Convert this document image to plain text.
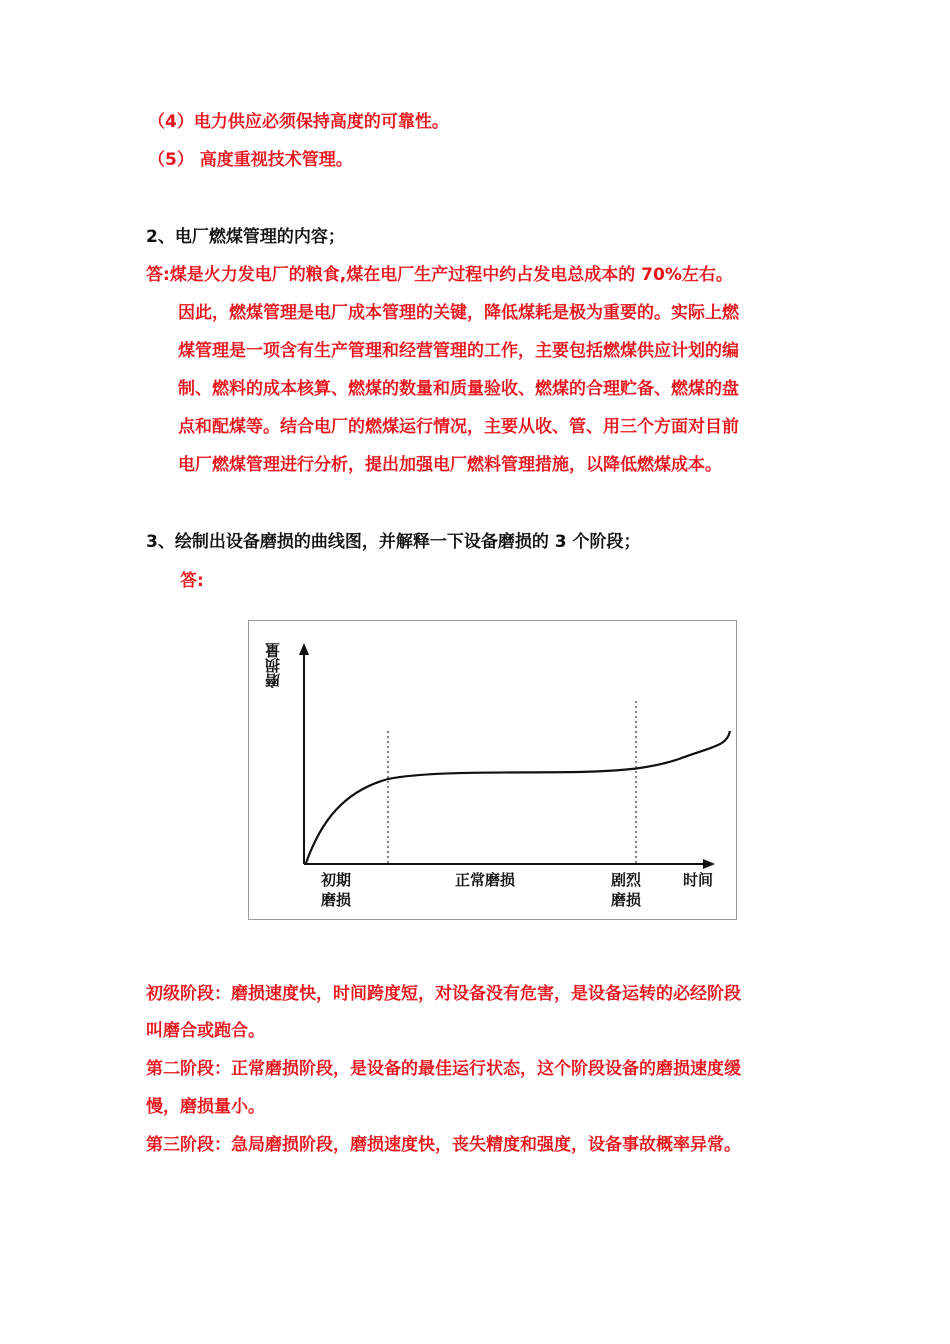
（4）电力供应必须保持高度的可靠性。
（5） 高度重视技术管理。
2、电厂燃煤管理的内容；
答:煤是火力发电厂的粮食,煤在电厂生产过程中约占发电总成本的 70%左右。
因此，燃煤管理是电厂成本管理的关键，降低煤耗是极为重要的。实际上燃
煤管理是一项含有生产管理和经营管理的工作，主要包括燃煤供应计划的编
制、燃料的成本核算、燃煤的数量和质量验收、燃煤的合理贮备、燃煤的盘
点和配煤等。结合电厂的燃煤运行情况，主要从收、管、用三个方面对目前
电厂燃煤管理进行分析，提出加强电厂燃料管理措施，以降低燃煤成本。
3、绘制出设备磨损的曲线图，并解释一下设备磨损的 3 个阶段；
答:
磨损量
初期
磨损
正常磨损	剧烈
磨损
时间
初级阶段：磨损速度快，时间跨度短，对设备没有危害，是设备运转的必经阶段
叫磨合或跑合。
第二阶段：正常磨损阶段，是设备的最佳运行状态，这个阶段设备的磨损速度缓
慢，磨损量小。
第三阶段：急局磨损阶段，磨损速度快，丧失精度和强度，设备事故概率异常。
